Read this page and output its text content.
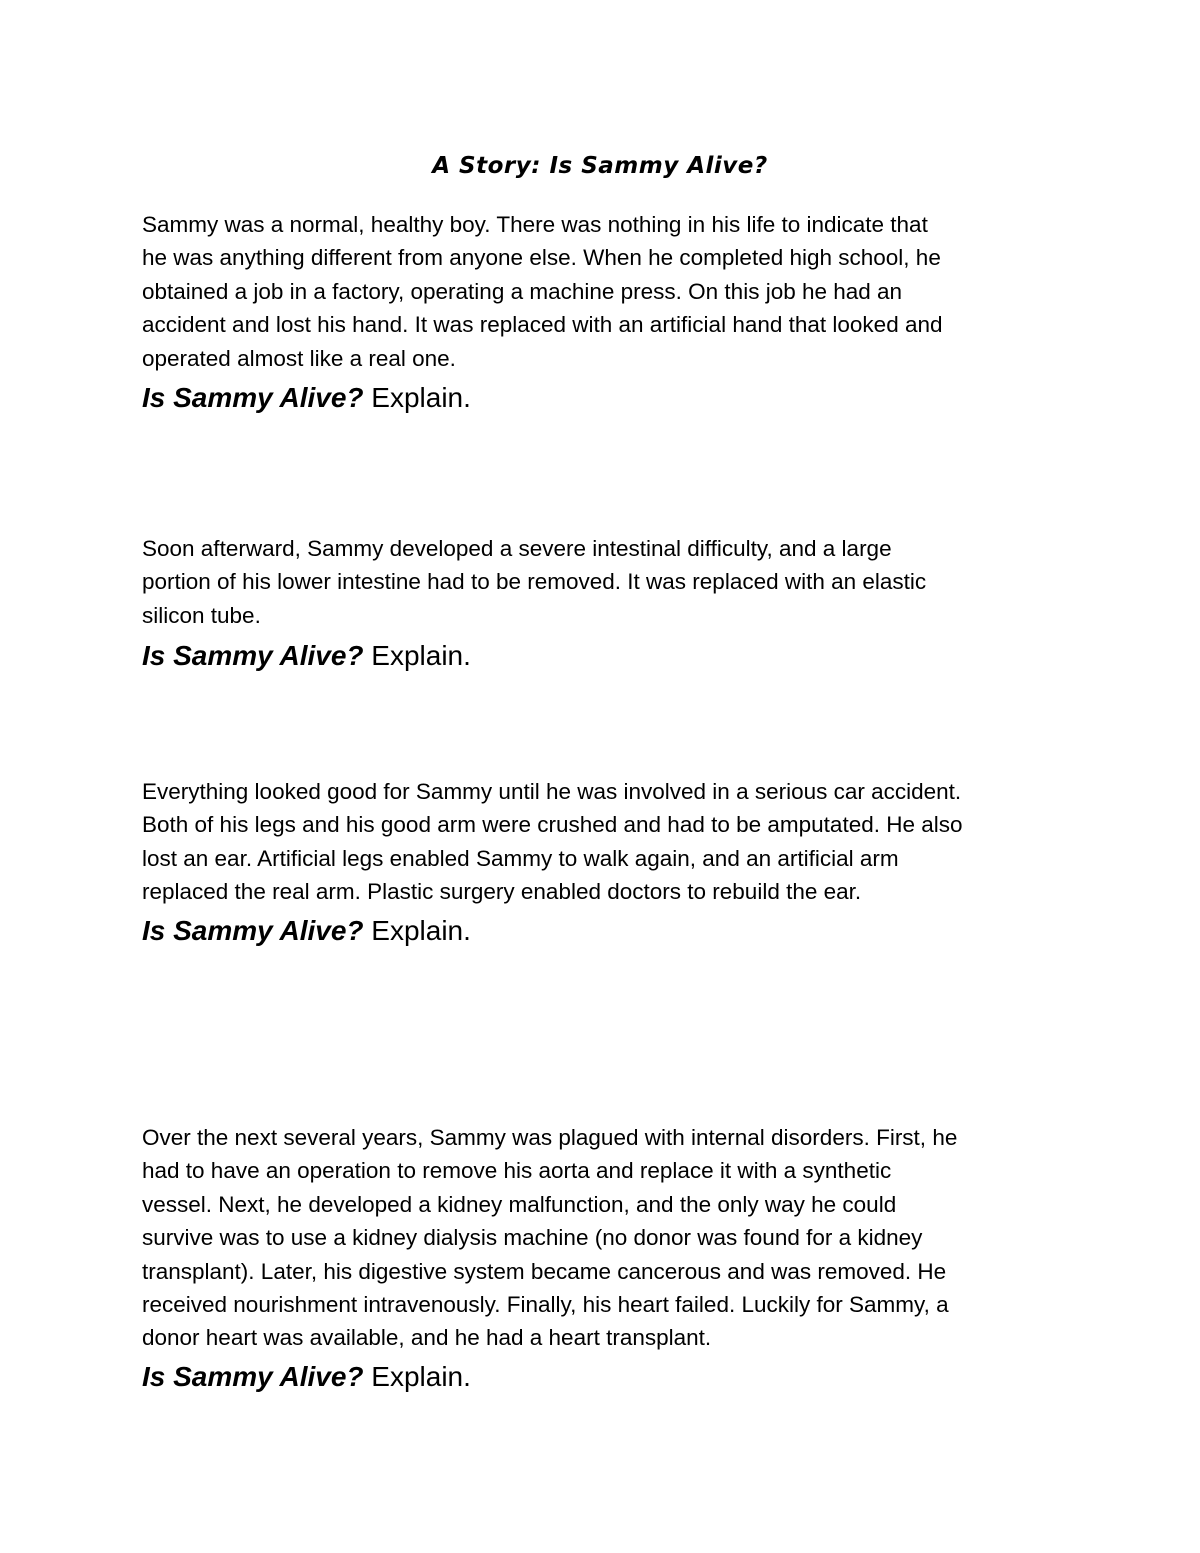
A Story: Is Sammy Alive?
Sammy was a normal, healthy boy. There was nothing in his life to indicate that
he was anything different from anyone else. When he completed high school, he
obtained a job in a factory, operating a machine press. On this job he had an
accident and lost his hand. It was replaced with an artificial hand that looked and
operated almost like a real one.
Is Sammy Alive? Explain.
Soon afterward, Sammy developed a severe intestinal difficulty, and a large
portion of his lower intestine had to be removed. It was replaced with an elastic
silicon tube.
Is Sammy Alive? Explain.
Everything looked good for Sammy until he was involved in a serious car accident.
Both of his legs and his good arm were crushed and had to be amputated. He also
lost an ear. Artificial legs enabled Sammy to walk again, and an artificial arm
replaced the real arm. Plastic surgery enabled doctors to rebuild the ear.
Is Sammy Alive? Explain.
Over the next several years, Sammy was plagued with internal disorders. First, he
had to have an operation to remove his aorta and replace it with a synthetic
vessel. Next, he developed a kidney malfunction, and the only way he could
survive was to use a kidney dialysis machine (no donor was found for a kidney
transplant). Later, his digestive system became cancerous and was removed. He
received nourishment intravenously. Finally, his heart failed. Luckily for Sammy, a
donor heart was available, and he had a heart transplant.
Is Sammy Alive? Explain.
